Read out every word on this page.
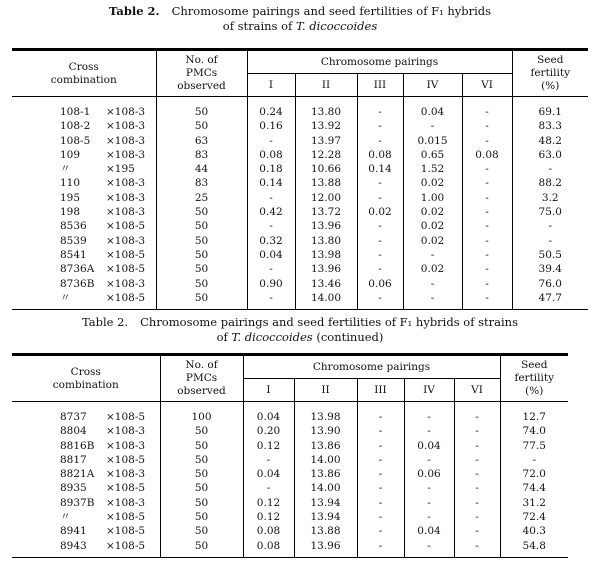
Table 2. Chromosome pairings and seed fertilities of F₁ hybrids
of strains of T. dicoccoides
Cross combination	No. of PMCs observed	Chromosome pairings					Seed fertility (%)
		I	II	III	IV	VI	
108-1 ×108-3	50	0.24	13.80	-	0.04	-	69.1
108-2 ×108-3	50	0.16	13.92	-	-	-	83.3
108-5 ×108-3	63	-	13.97	-	0.015	-	48.2
109 ×108-3	83	0.08	12.28	0.08	0.65	0.08	63.0
〃 ×195	44	0.18	10.66	0.14	1.52	-	-
110 ×108-3	83	0.14	13.88	-	0.02	-	88.2
195 ×108-3	25	-	12.00	-	1.00	-	3.2
198 ×108-3	50	0.42	13.72	0.02	0.02	-	75.0
8536 ×108-5	50	-	13.96	-	0.02	-	-
8539 ×108-3	50	0.32	13.80	-	0.02	-	-
8541 ×108-5	50	0.04	13.98	-	-	-	50.5
8736A ×108-5	50	-	13.96	-	0.02	-	39.4
8736B ×108-3	50	0.90	13.46	0.06	-	-	76.0
〃 ×108-5	50	-	14.00	-	-	-	47.7
Table 2. Chromosome pairings and seed fertilities of F₁ hybrids of strains
of T. dicoccoides (continued)
Cross combination	No. of PMCs observed	Chromosome pairings					Seed fertility (%)
		I	II	III	IV	VI	
8737 ×108-5	100	0.04	13.98	-	-	-	12.7
8804 ×108-3	50	0.20	13.90	-	-	-	74.0
8816B ×108-3	50	0.12	13.86	-	0.04	-	77.5
8817 ×108-5	50	-	14.00	-	-	-	-
8821A ×108-3	50	0.04	13.86	-	0.06	-	72.0
8935 ×108-5	50	-	14.00	-	-	-	74.4
8937B ×108-3	50	0.12	13.94	-	-	-	31.2
〃 ×108-5	50	0.12	13.94	-	-	-	72.4
8941 ×108-5	50	0.08	13.88	-	0.04	-	40.3
8943 ×108-5	50	0.08	13.96	-	-	-	54.8
